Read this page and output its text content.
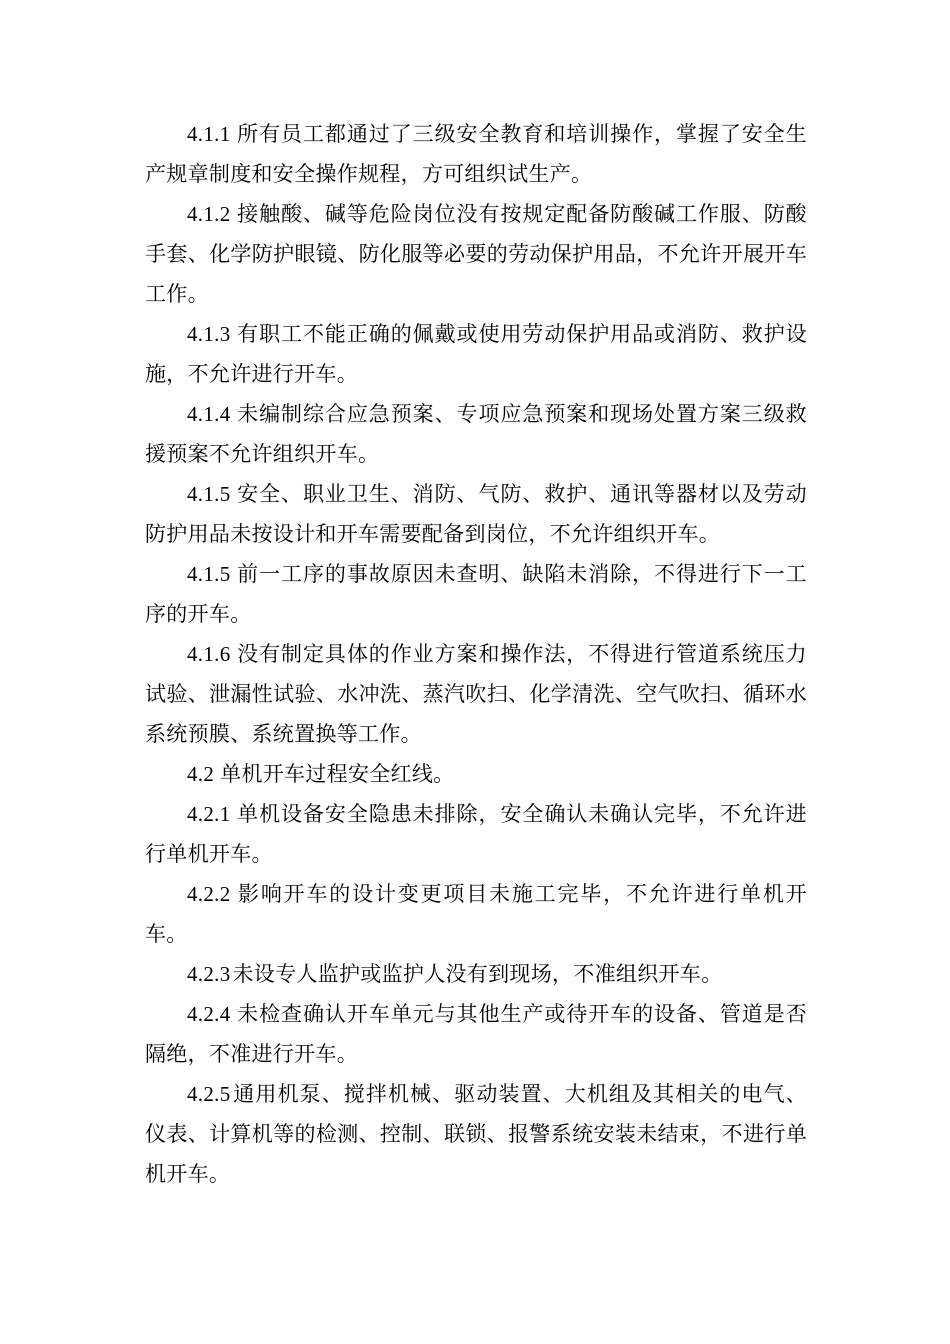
4.1.1 所有员工都通过了三级安全教育和培训操作，掌握了安全生产规章制度和安全操作规程，方可组织试生产。

4.1.2 接触酸、碱等危险岗位没有按规定配备防酸碱工作服、防酸手套、化学防护眼镜、防化服等必要的劳动保护用品，不允许开展开车工作。

4.1.3 有职工不能正确的佩戴或使用劳动保护用品或消防、救护设施，不允许进行开车。

4.1.4 未编制综合应急预案、专项应急预案和现场处置方案三级救援预案不允许组织开车。

4.1.5 安全、职业卫生、消防、气防、救护、通讯等器材以及劳动防护用品未按设计和开车需要配备到岗位，不允许组织开车。

4.1.5 前一工序的事故原因未查明、缺陷未消除，不得进行下一工序的开车。

4.1.6 没有制定具体的作业方案和操作法，不得进行管道系统压力试验、泄漏性试验、水冲洗、蒸汽吹扫、化学清洗、空气吹扫、循环水系统预膜、系统置换等工作。

4.2 单机开车过程安全红线。

4.2.1 单机设备安全隐患未排除，安全确认未确认完毕，不允许进行单机开车。

4.2.2 影响开车的设计变更项目未施工完毕，不允许进行单机开车。

4.2.3未设专人监护或监护人没有到现场，不准组织开车。

4.2.4 未检查确认开车单元与其他生产或待开车的设备、管道是否隔绝，不准进行开车。

4.2.5通用机泵、搅拌机械、驱动装置、大机组及其相关的电气、仪表、计算机等的检测、控制、联锁、报警系统安装未结束，不进行单机开车。
